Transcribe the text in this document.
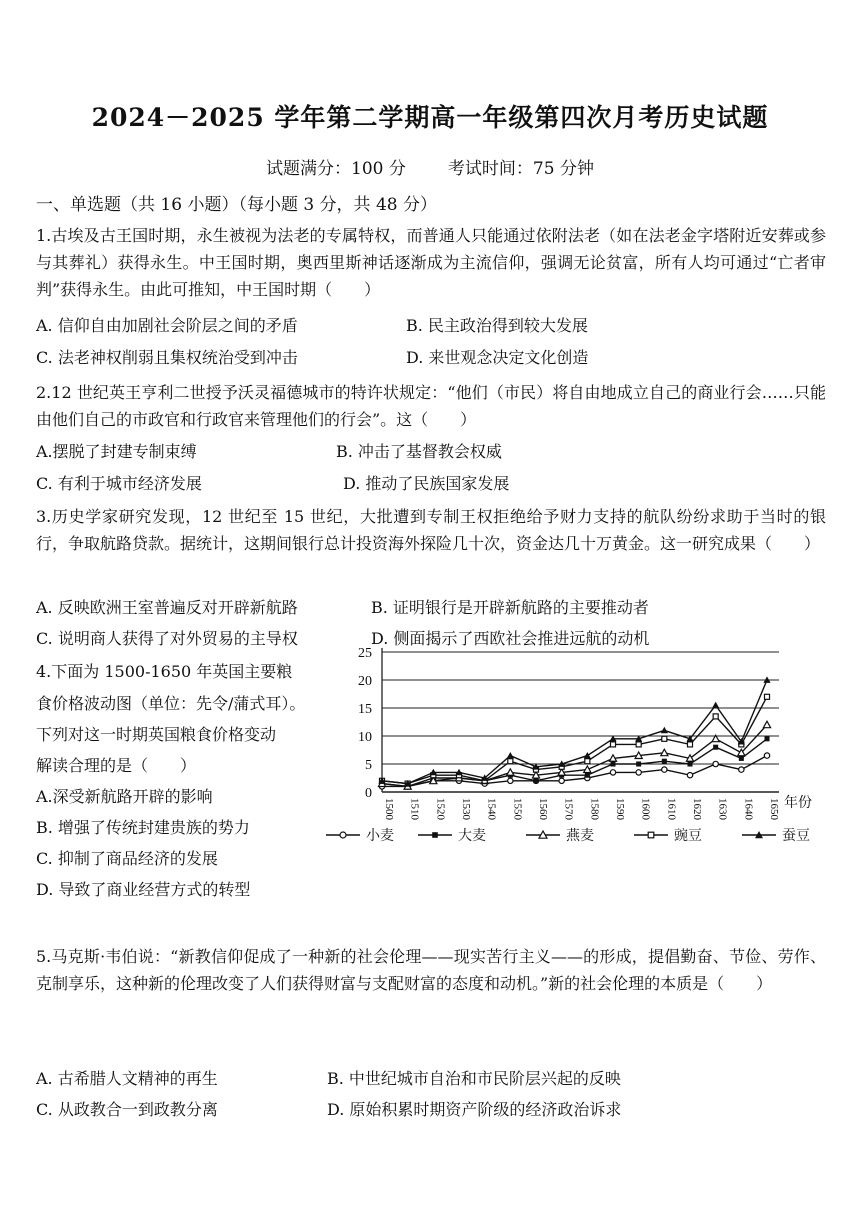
2024－2025 学年第二学期高一年级第四次月考历史试题
试题满分：100 分 考试时间：75 分钟
一、单选题（共 16 小题）（每小题 3 分，共 48 分）
1.古埃及古王国时期，永生被视为法老的专属特权，而普通人只能通过依附法老（如在法老金字塔附近安葬或参与其葬礼）获得永生。中王国时期，奥西里斯神话逐渐成为主流信仰，强调无论贫富，所有人均可通过“亡者审判”获得永生。由此可推知，中王国时期（　　）
A. 信仰自由加剧社会阶层之间的矛盾	B. 民主政治得到较大发展
C. 法老神权削弱且集权统治受到冲击	D. 来世观念决定文化创造
2.12 世纪英王亨利二世授予沃灵福德城市的特许状规定：“他们（市民）将自由地成立自己的商业行会……只能由他们自己的市政官和行政官来管理他们的行会”。这（　　）
A.摆脱了封建专制束缚	B. 冲击了基督教会权威
C. 有利于城市经济发展	D. 推动了民族国家发展
3.历史学家研究发现，12 世纪至 15 世纪，大批遭到专制王权拒绝给予财力支持的航队纷纷求助于当时的银行，争取航路贷款。据统计，这期间银行总计投资海外探险几十次，资金达几十万黄金。这一研究成果（　　）
A. 反映欧洲王室普遍反对开辟新航路	B. 证明银行是开辟新航路的主要推动者
C. 说明商人获得了对外贸易的主导权	D. 侧面揭示了西欧社会推进远航的动机
4.下面为 1500-1650 年英国主要粮
食价格波动图（单位：先令/蒲式耳）。
下列对这一时期英国粮食价格变动
解读合理的是（　　）
A.深受新航路开辟的影响
B. 增强了传统封建贵族的势力
C. 抑制了商品经济的发展
D. 导致了商业经营方式的转型
0
5
10
15
20
25
1500 1510 1520 1530 1540 1550 1560 1570 1580 1590 1600 1610 1620 1630 1640 1650
小麦	大麦	燕麦	豌豆	蚕豆
年份
5.马克斯·韦伯说：“新教信仰促成了一种新的社会伦理——现实苦行主义——的形成，提倡勤奋、节俭、劳作、克制享乐，这种新的伦理改变了人们获得财富与支配财富的态度和动机。”新的社会伦理的本质是（　　）
A. 古希腊人文精神的再生	B. 中世纪城市自治和市民阶层兴起的反映
C. 从政教合一到政教分离	D. 原始积累时期资产阶级的经济政治诉求
